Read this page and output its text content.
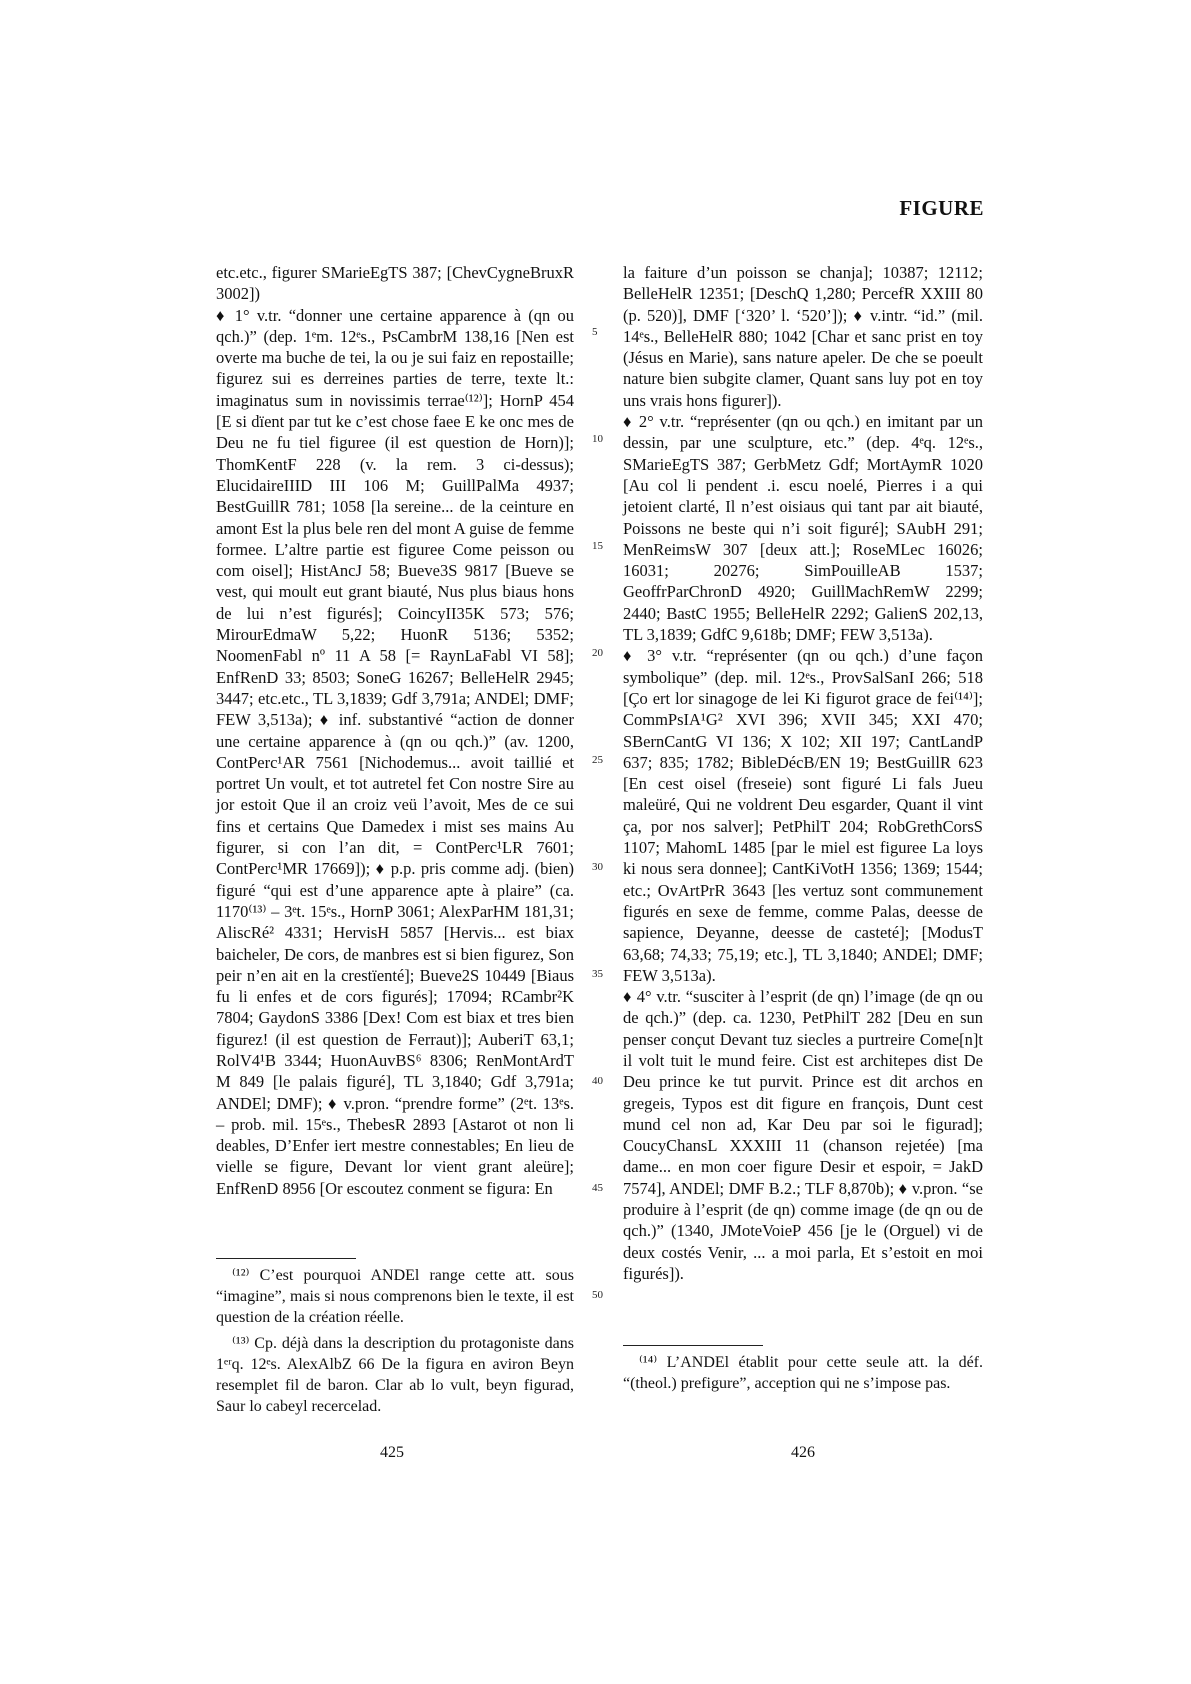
FIGURE

etc.etc., figurer SMarieEgTS 387; [ChevCygneBruxR 3002])

♦ 1° v.tr. “donner une certaine apparence à (qn ou qch.)” (dep. 1ᵉm. 12ᵉs., PsCambrM 138,16 [Nen est overte ma buche de tei, la ou je sui faiz en repostaille; figurez sui es derreines parties de terre, texte lt.: imaginatus sum in novissimis terrae⁽¹²⁾]; HornP 454 [E si dïent par tut ke c’est chose faee E ke onc mes de Deu ne fu tiel figuree (il est question de Horn)]; ThomKentF 228 (v. la rem. 3 ci-dessus); ElucidaireIIID III 106 M; GuillPalMa 4937; BestGuillR 781; 1058 [la sereine... de la ceinture en amont Est la plus bele ren del mont A guise de femme formee. L’altre partie est figuree Come peisson ou com oisel]; HistAncJ 58; Bueve3S 9817 [Bueve se vest, qui moult eut grant biauté, Nus plus biaus hons de lui n’est figurés]; CoincyII35K 573; 576; MirourEdmaW 5,22; HuonR 5136; 5352; NoomenFabl nº 11 A 58 [= RaynLaFabl VI 58]; EnfRenD 33; 8503; SoneG 16267; BelleHelR 2945; 3447; etc.etc., TL 3,1839; Gdf 3,791a; ANDEl; DMF; FEW 3,513a); ♦ inf. substantivé “action de donner une certaine apparence à (qn ou qch.)” (av. 1200, ContPerc¹AR 7561 [Nichodemus... avoit taillié et portret Un voult, et tot autretel fet Con nostre Sire au jor estoit Que il an croiz veü l’avoit, Mes de ce sui fins et certains Que Damedex i mist ses mains Au figurer, si con l’an dit, = ContPerc¹LR 7601; ContPerc¹MR 17669]); ♦ p.p. pris comme adj. (bien) figuré “qui est d’une apparence apte à plaire” (ca. 1170⁽¹³⁾ – 3ᵉt. 15ᵉs., HornP 3061; AlexParHM 181,31; AliscRé² 4331; HervisH 5857 [Hervis... est biax baicheler, De cors, de manbres est si bien figurez, Son peir n’en ait en la crestïenté]; Bueve2S 10449 [Biaus fu li enfes et de cors figurés]; 17094; RCambr²K 7804; GaydonS 3386 [Dex! Com est biax et tres bien figurez! (il est question de Ferraut)]; AuberiT 63,1; RolV4¹B 3344; HuonAuvBS⁶ 8306; RenMontArdT M 849 [le palais figuré], TL 3,1840; Gdf 3,791a; ANDEl; DMF); ♦ v.pron. “prendre forme” (2ᵉt. 13ᵉs. – prob. mil. 15ᵉs., ThebesR 2893 [Astarot ot non li deables, D’Enfer iert mestre connestables; En lieu de vielle se figure, Devant lor vient grant aleüre]; EnfRenD 8956 [Or escoutez conment se figura: En

5
10
15
20
25
30
35
40
45
50

la faiture d’un poisson se chanja]; 10387; 12112; BelleHelR 12351; [DeschQ 1,280; PercefR XXIII 80 (p. 520)], DMF [‘320’ l. ‘520’]); ♦ v.intr. “id.” (mil. 14ᵉs., BelleHelR 880; 1042 [Char et sanc prist en toy (Jésus en Marie), sans nature apeler. De che se poeult nature bien subgite clamer, Quant sans luy pot en toy uns vrais hons figurer]).

♦ 2° v.tr. “représenter (qn ou qch.) en imitant par un dessin, par une sculpture, etc.” (dep. 4ᵉq. 12ᵉs., SMarieEgTS 387; GerbMetz Gdf; MortAymR 1020 [Au col li pendent .i. escu noelé, Pierres i a qui jetoient clarté, Il n’est oisiaus qui tant par ait biauté, Poissons ne beste qui n’i soit figuré]; SAubH 291; MenReimsW 307 [deux att.]; RoseMLec 16026; 16031; 20276; SimPouilleAB 1537; GeoffrParChronD 4920; GuillMachRemW 2299; 2440; BastC 1955; BelleHelR 2292; GalienS 202,13, TL 3,1839; GdfC 9,618b; DMF; FEW 3,513a).

♦ 3° v.tr. “représenter (qn ou qch.) d’une façon symbolique” (dep. mil. 12ᵉs., ProvSalSanI 266; 518 [Ço ert lor sinagoge de lei Ki figurot grace de fei⁽¹⁴⁾]; CommPsIA¹G² XVI 396; XVII 345; XXI 470; SBernCantG VI 136; X 102; XII 197; CantLandP 637; 835; 1782; BibleDécB/EN 19; BestGuillR 623 [En cest oisel (freseie) sont figuré Li fals Jueu maleüré, Qui ne voldrent Deu esgarder, Quant il vint ça, por nos salver]; PetPhilT 204; RobGrethCorsS 1107; MahomL 1485 [par le miel est figuree La loys ki nous sera donnee]; CantKiVotH 1356; 1369; 1544; etc.; OvArtPrR 3643 [les vertuz sont communement figurés en sexe de femme, comme Palas, deesse de sapience, Deyanne, deesse de casteté]; [ModusT 63,68; 74,33; 75,19; etc.], TL 3,1840; ANDEl; DMF; FEW 3,513a).

♦ 4° v.tr. “susciter à l’esprit (de qn) l’image (de qn ou de qch.)” (dep. ca. 1230, PetPhilT 282 [Deu en sun penser conçut Devant tuz siecles a purtreire Come[n]t il volt tuit le mund feire. Cist est architepes dist De Deu prince ke tut purvit. Prince est dit archos en gregeis, Typos est dit figure en françois, Dunt cest mund cel non ad, Kar Deu par soi le figurad]; CoucyChansL XXXIII 11 (chanson rejetée) [ma dame... en mon coer figure Desir et espoir, = JakD 7574], ANDEl; DMF B.2.; TLF 8,870b); ♦ v.pron. “se produire à l’esprit (de qn) comme image (de qn ou de qch.)” (1340, JMoteVoieP 456 [je le (Orguel) vi de deux costés Venir, ... a moi parla, Et s’estoit en moi figurés]).

⁽¹²⁾ C’est pourquoi ANDEl range cette att. sous “imagine”, mais si nous comprenons bien le texte, il est question de la création réelle.

⁽¹³⁾ Cp. déjà dans la description du protagoniste dans 1ᵉʳq. 12ᵉs. AlexAlbZ 66 De la figura en aviron Beyn resemplet fil de baron. Clar ab lo vult, beyn figurad, Saur lo cabeyl recercelad.

⁽¹⁴⁾ L’ANDEl établit pour cette seule att. la déf. “(theol.) prefigure”, acception qui ne s’impose pas.

425	426
